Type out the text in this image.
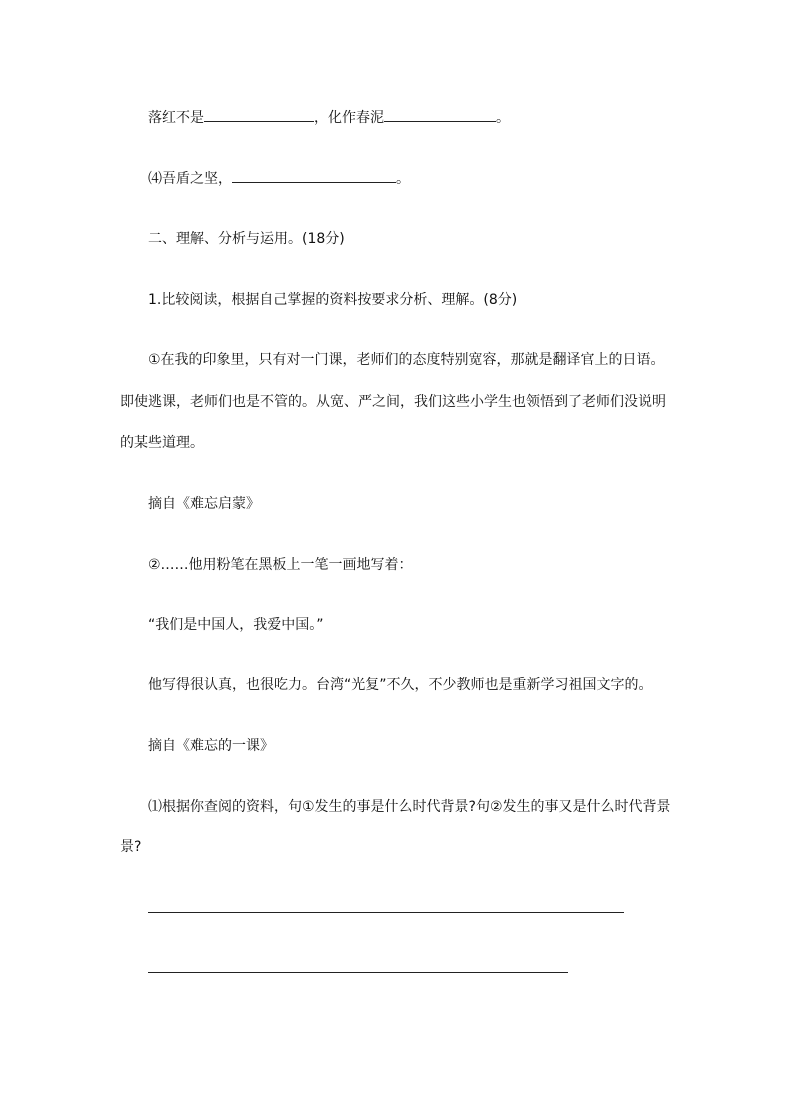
落红不是	，化作春泥	。
⑷吾盾之坚，	。
二、理解、分析与运用。(18分)
1.比较阅读，根据自己掌握的资料按要求分析、理解。(8分)
①在我的印象里，只有对一门课，老师们的态度特别宽容，那就是翻译官上的日语。
即使逃课，老师们也是不管的。从宽、严之间，我们这些小学生也领悟到了老师们没说明
的某些道理。
摘自《难忘启蒙》
②……他用粉笔在黑板上一笔一画地写着：
“我们是中国人，我爱中国。”
他写得很认真，也很吃力。台湾“光复”不久，不少教师也是重新学习祖国文字的。
摘自《难忘的一课》
⑴根据你查阅的资料，句①发生的事是什么时代背景?句②发生的事又是什么时代背景
景?
